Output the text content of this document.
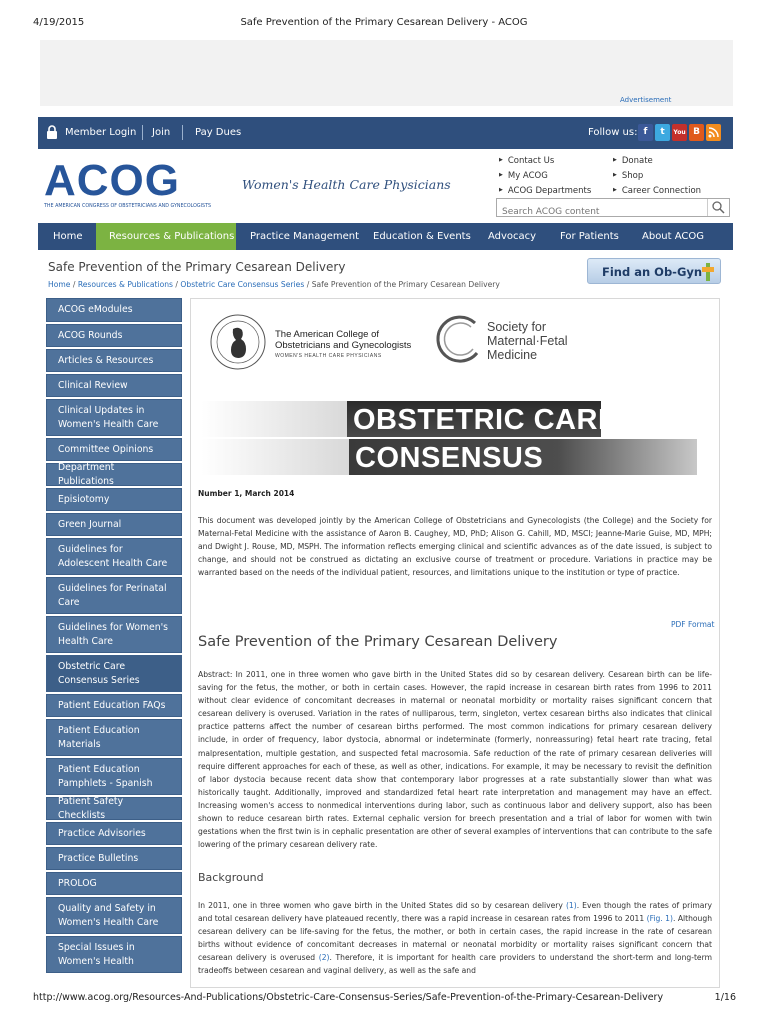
4/19/2015	Safe Prevention of the Primary Cesarean Delivery - ACOG
Advertisement
Member Login Join Pay Dues	Follow us: f	t	You B
ACOG
THE AMERICAN CONGRESS OF OBSTETRICIANS AND GYNECOLOGISTS
Women's Health Care Physicians
▶ Contact Us
▶ My ACOG
▶ ACOG Departments
▶ Donate
▶ Shop
▶ Career Connection
Search ACOG content
Home	Resources & Publications	Practice Management	Education & Events	Advocacy	For Patients	About ACOG
Safe Prevention of the Primary Cesarean Delivery	Find an Ob-Gyn
Home / Resources & Publications / Obstetric Care Consensus Series / Safe Prevention of the Primary Cesarean Delivery
ACOG eModules
ACOG Rounds
Articles & Resources
Clinical Review
Clinical Updates in Women's Health Care
Committee Opinions
Department Publications
Episiotomy
Green Journal
Guidelines for Adolescent Health Care
Guidelines for Perinatal Care
Guidelines for Women's Health Care
Obstetric Care Consensus Series
Patient Education FAQs
Patient Education Materials
Patient Education Pamphlets - Spanish
Patient Safety Checklists
Practice Advisories
Practice Bulletins
PROLOG
Quality and Safety in Women's Health Care
Special Issues in Women's Health
The American College of
Obstetricians and Gynecologists
WOMEN'S HEALTH CARE PHYSICIANS
Society for
Maternal·Fetal
Medicine
OBSTETRIC CARE
CONSENSUS
Number 1, March 2014
This document was developed jointly by the American College of Obstetricians and Gynecologists (the College) and the Society for Maternal-Fetal Medicine with the assistance of Aaron B. Caughey, MD, PhD; Alison G. Cahill, MD, MSCI; Jeanne-Marie Guise, MD, MPH; and Dwight J. Rouse, MD, MSPH. The information reflects emerging clinical and scientific advances as of the date issued, is subject to change, and should not be construed as dictating an exclusive course of treatment or procedure. Variations in practice may be warranted based on the needs of the individual patient, resources, and limitations unique to the institution or type of practice.
PDF Format
Safe Prevention of the Primary Cesarean Delivery
Abstract: In 2011, one in three women who gave birth in the United States did so by cesarean delivery. Cesarean birth can be life-saving for the fetus, the mother, or both in certain cases. However, the rapid increase in cesarean birth rates from 1996 to 2011 without clear evidence of concomitant decreases in maternal or neonatal morbidity or mortality raises significant concern that cesarean delivery is overused. Variation in the rates of nulliparous, term, singleton, vertex cesarean births also indicates that clinical practice patterns affect the number of cesarean births performed. The most common indications for primary cesarean delivery include, in order of frequency, labor dystocia, abnormal or indeterminate (formerly, nonreassuring) fetal heart rate tracing, fetal malpresentation, multiple gestation, and suspected fetal macrosomia. Safe reduction of the rate of primary cesarean deliveries will require different approaches for each of these, as well as other, indications. For example, it may be necessary to revisit the definition of labor dystocia because recent data show that contemporary labor progresses at a rate substantially slower than what was historically taught. Additionally, improved and standardized fetal heart rate interpretation and management may have an effect. Increasing women's access to nonmedical interventions during labor, such as continuous labor and delivery support, also has been shown to reduce cesarean birth rates. External cephalic version for breech presentation and a trial of labor for women with twin gestations when the first twin is in cephalic presentation are other of several examples of interventions that can contribute to the safe lowering of the primary cesarean delivery rate.
Background
In 2011, one in three women who gave birth in the United States did so by cesarean delivery (1). Even though the rates of primary and total cesarean delivery have plateaued recently, there was a rapid increase in cesarean rates from 1996 to 2011 (Fig. 1). Although cesarean delivery can be life-saving for the fetus, the mother, or both in certain cases, the rapid increase in the rate of cesarean births without evidence of concomitant decreases in maternal or neonatal morbidity or mortality raises significant concern that cesarean delivery is overused (2). Therefore, it is important for health care providers to understand the short-term and long-term tradeoffs between cesarean and vaginal delivery, as well as the safe and
http://www.acog.org/Resources-And-Publications/Obstetric-Care-Consensus-Series/Safe-Prevention-of-the-Primary-Cesarean-Delivery	1/16
